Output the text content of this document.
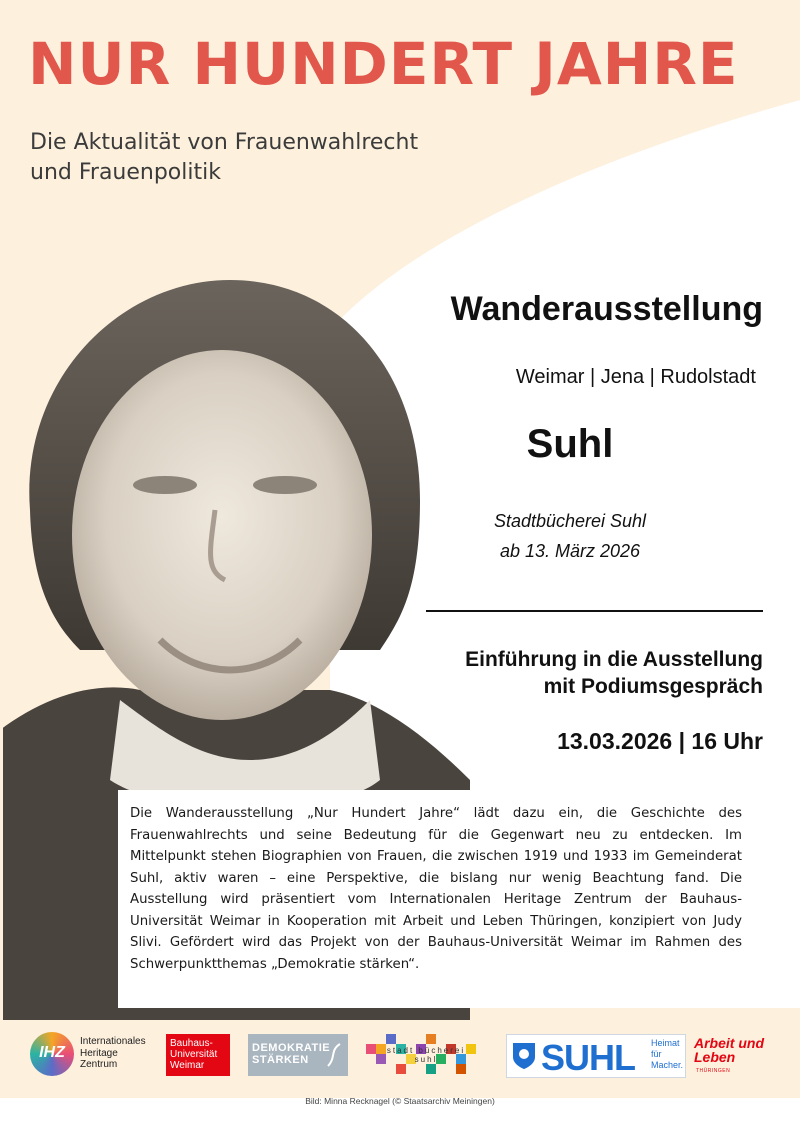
NUR HUNDERT JAHRE
Die Aktualität von Frauenwahlrecht
und Frauenpolitik
Wanderausstellung
Weimar | Jena | Rudolstadt
Suhl
Stadtbücherei Suhl
ab 13. März 2026
Einführung in die Ausstellung
mit Podiumsgespräch
13.03.2026 | 16 Uhr
Die Wanderausstellung „Nur Hundert Jahre“ lädt dazu ein, die Geschichte des Frauenwahlrechts und seine Bedeutung für die Gegenwart neu zu entdecken. Im Mittelpunkt stehen Biographien von Frauen, die zwischen 1919 und 1933 im Gemeinderat Suhl, aktiv waren – eine Perspektive, die bislang nur wenig Beachtung fand. Die Ausstellung wird präsentiert vom Internationalen Heritage Zentrum der Bauhaus-Universität Weimar in Kooperation mit Arbeit und Leben Thüringen, konzipiert von Judy Slivi. Gefördert wird das Projekt von der Bauhaus-Universität Weimar im Rahmen des Schwerpunktthemas „Demokratie stärken“.
IHZ
Internationales
Heritage
Zentrum
Bauhaus-
Universität
Weimar
DEMOKRATIE
STÄRKEN
stadt bücherei suhl	SUHL Heimat
für
Macher.
Arbeit und
Leben
THÜRINGEN
Bild: Minna Recknagel (© Staatsarchiv Meiningen)
